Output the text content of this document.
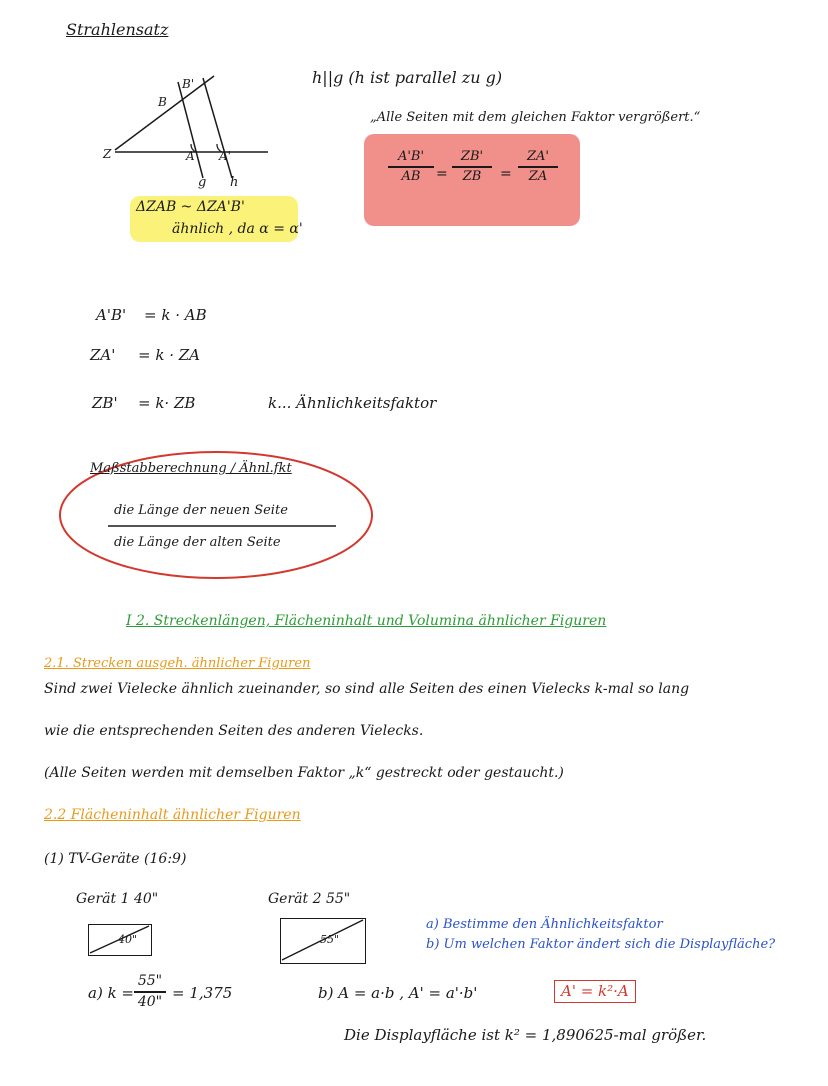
Strahlensatz
B
B'
Z	A A'
g h
ΔZAB ~ ΔZA'B'
ähnlich , da α = α'
h||g (h ist parallel zu g)
„Alle Seiten mit dem gleichen Faktor vergrößert.“
A'B'
AB	=
ZB'
ZB	=
ZA'
ZA
A'B' = k · AB
ZA' = k · ZA
ZB' = k· ZB	k... Ähnlichkeitsfaktor
Maßstabberechnung / Ähnl.fkt
die Länge der neuen Seite
die Länge der alten Seite
I 2. Streckenlängen, Flächeninhalt und Volumina ähnlicher Figuren
2.1. Strecken ausgeh. ähnlicher Figuren
Sind zwei Vielecke ähnlich zueinander, so sind alle Seiten des einen Vielecks k-mal so lang
wie die entsprechenden Seiten des anderen Vielecks.
(Alle Seiten werden mit demselben Faktor „k“ gestreckt oder gestaucht.)
2.2 Flächeninhalt ähnlicher Figuren
(1) TV-Geräte (16:9)
Gerät 1 40"
40"
Gerät 2 55"
55"
a) Bestimme den Ähnlichkeitsfaktor
b) Um welchen Faktor ändert sich die Displayfläche?
a) k =
55"
40" = 1,375	b) A = a·b , A' = a'·b'	A' = k²·A
Die Displayfläche ist k² = 1,890625-mal größer.
